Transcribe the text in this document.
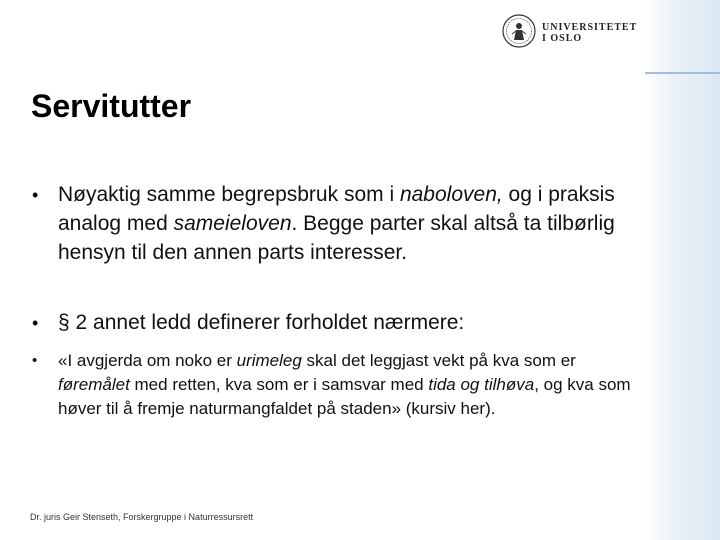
UNIVERSITETET
I OSLO
Servitutter
• Nøyaktig samme begrepsbruk som i naboloven, og i praksis analog med sameieloven. Begge parter skal altså ta tilbørlig hensyn til den annen parts interesser.
• § 2 annet ledd definerer forholdet nærmere:
• «I avgjerda om noko er urimeleg skal det leggjast vekt på kva som er føremålet med retten, kva som er i samsvar med tida og tilhøva, og kva som høver til å fremje naturmangfaldet på staden» (kursiv her).
Dr. juris Geir Stenseth, Forskergruppe i Naturressursrett
